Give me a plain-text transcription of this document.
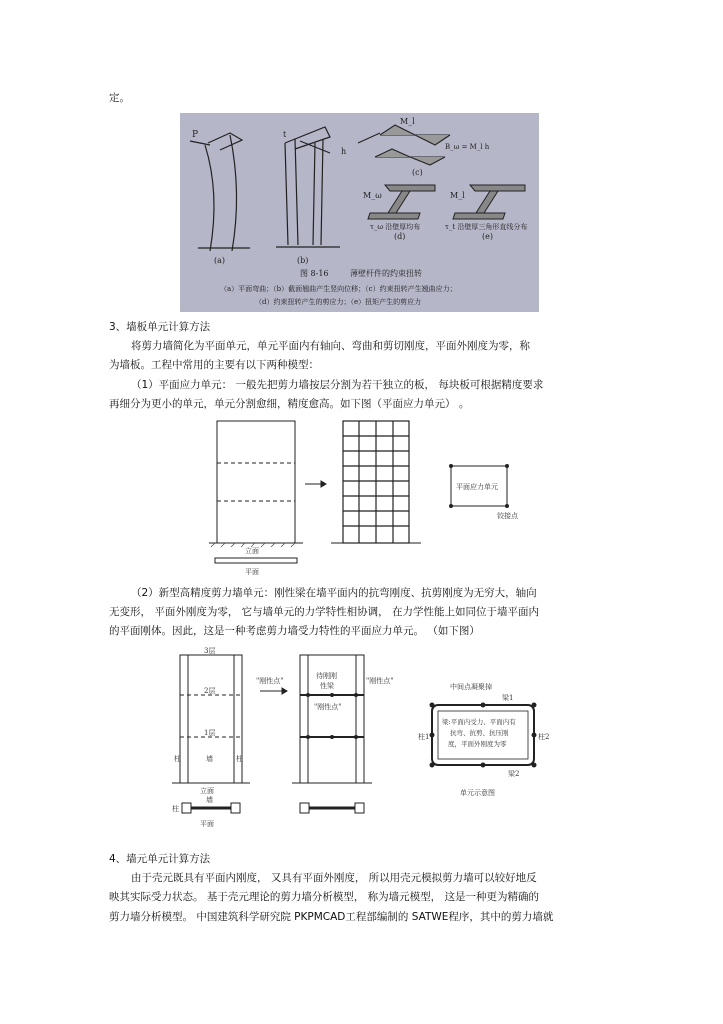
定。
P
(a)
t
h
(b)
M_l
B_ω = M_l h
(c)
M_ω
τ_ω 沿壁厚均布
(d)
M_l
τ_t 沿壁厚三角形直线分布
(e)
图 8-16	薄壁杆件的约束扭转
（a）平面弯曲；（b）截面翘曲产生竖向位移；（c）约束扭转产生翘曲应力；
（d）约束扭转产生的剪应力；（e）扭矩产生的剪应力
3、墙板单元计算方法
将剪力墙简化为平面单元，单元平面内有轴向、弯曲和剪切刚度，平面外刚度为零，称
为墙板。工程中常用的主要有以下两种模型：
（1）平面应力单元： 一般先把剪力墙按层分割为若干独立的板， 每块板可根据精度要求
再细分为更小的单元，单元分割愈细，精度愈高。如下图（平面应力单元） 。
立面
平面
平面应力单元
铰接点
（2）新型高精度剪力墙单元：刚性梁在墙平面内的抗弯刚度、抗剪刚度为无穷大，轴向
无变形， 平面外刚度为零， 它与墙单元的力学特性相协调， 在力学性能上如同位于墙平面内
的平面刚体。因此，这是一种考虑剪力墙受力特性的平面应力单元。 （如下图）
3层
2层
1层
柱	墙	柱
立面
柱
墙
平面
待刚刚
性梁
"刚性点"	"刚性点"
"刚性点"
中间点凝聚掉
梁1
梁2
柱1	柱2
梁:平面内受力、平面内有
抗弯、抗剪、抗压刚
度，平面外刚度为零
单元示意图
4、墙元单元计算方法
由于壳元既具有平面内刚度， 又具有平面外刚度， 所以用壳元模拟剪力墙可以较好地反
映其实际受力状态。 基于壳元理论的剪力墙分析模型， 称为墙元模型， 这是一种更为精确的
剪力墙分析模型。 中国建筑科学研究院 PKPMCAD工程部编制的 SATWE程序，其中的剪力墙就
